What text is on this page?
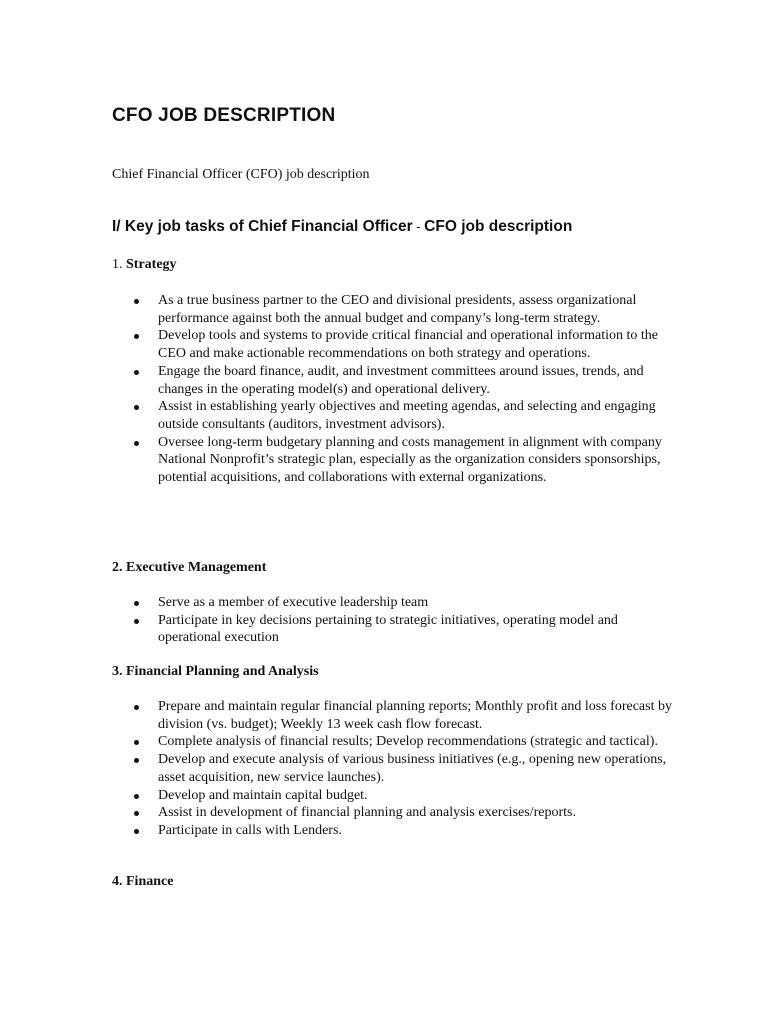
CFO JOB DESCRIPTION

Chief Financial Officer (CFO) job description

I/ Key job tasks of Chief Financial Officer - CFO job description

1. Strategy

As a true business partner to the CEO and divisional presidents, assess organizational performance against both the annual budget and company’s long-term strategy.
Develop tools and systems to provide critical financial and operational information to the CEO and make actionable recommendations on both strategy and operations.
Engage the board finance, audit, and investment committees around issues, trends, and changes in the operating model(s) and operational delivery.
Assist in establishing yearly objectives and meeting agendas, and selecting and engaging outside consultants (auditors, investment advisors).
Oversee long-term budgetary planning and costs management in alignment with company National Nonprofit’s strategic plan, especially as the organization considers sponsorships, potential acquisitions, and collaborations with external organizations.

2. Executive Management

Serve as a member of executive leadership team
Participate in key decisions pertaining to strategic initiatives, operating model and operational execution

3. Financial Planning and Analysis

Prepare and maintain regular financial planning reports; Monthly profit and loss forecast by division (vs. budget); Weekly 13 week cash flow forecast.
Complete analysis of financial results; Develop recommendations (strategic and tactical).
Develop and execute analysis of various business initiatives (e.g., opening new operations, asset acquisition, new service launches).
Develop and maintain capital budget.
Assist in development of financial planning and analysis exercises/reports.
Participate in calls with Lenders.

4. Finance
